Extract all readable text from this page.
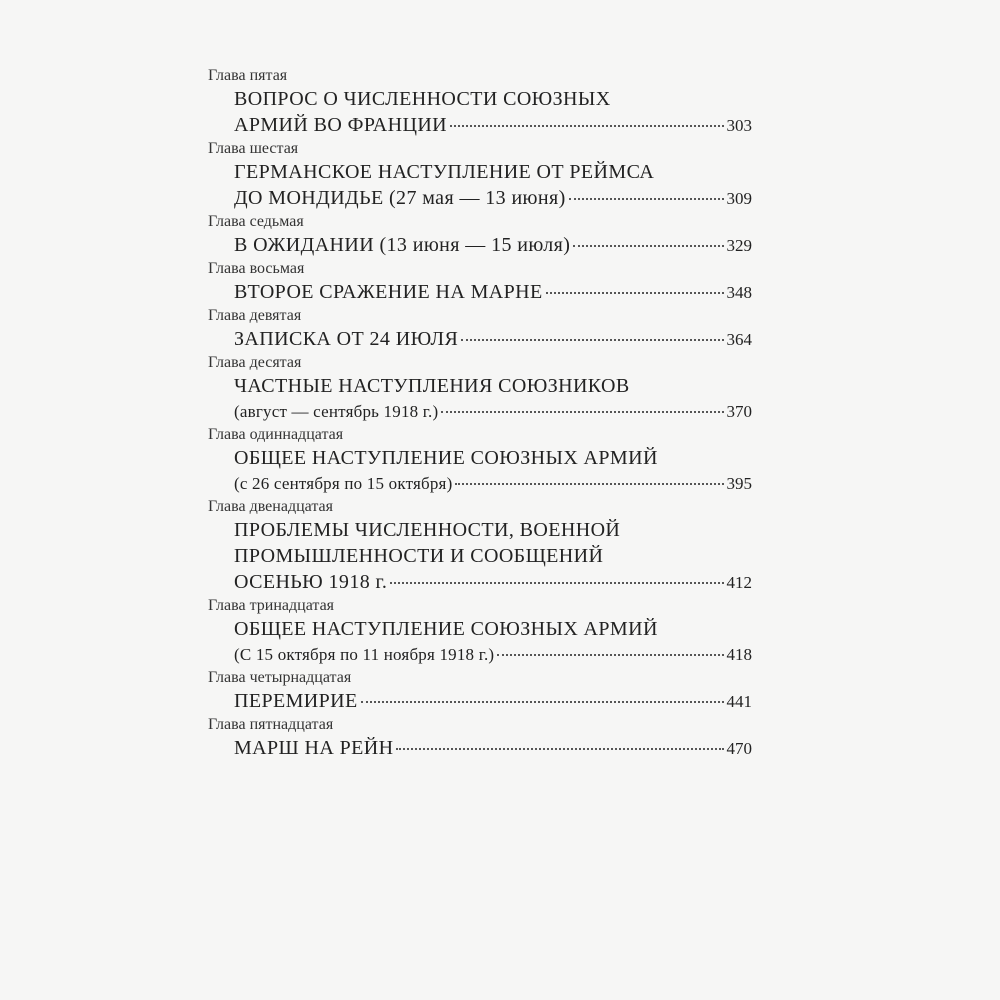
Глава пятая
ВОПРОС О ЧИСЛЕННОСТИ СОЮЗНЫХ
АРМИЙ ВО ФРАНЦИИ	303
Глава шестая
ГЕРМАНСКОЕ НАСТУПЛЕНИЕ ОТ РЕЙМСА
ДО МОНДИДЬЕ (27 мая — 13 июня)	309
Глава седьмая
В ОЖИДАНИИ (13 июня — 15 июля)	329
Глава восьмая
ВТОРОЕ СРАЖЕНИЕ НА МАРНЕ	348
Глава девятая
ЗАПИСКА ОТ 24 ИЮЛЯ	364
Глава десятая
ЧАСТНЫЕ НАСТУПЛЕНИЯ СОЮЗНИКОВ
(август — сентябрь 1918 г.)	370
Глава одиннадцатая
ОБЩЕЕ НАСТУПЛЕНИЕ СОЮЗНЫХ АРМИЙ
(с 26 сентября по 15 октября)	395
Глава двенадцатая
ПРОБЛЕМЫ ЧИСЛЕННОСТИ, ВОЕННОЙ
ПРОМЫШЛЕННОСТИ И СООБЩЕНИЙ
ОСЕНЬЮ 1918 г.	412
Глава тринадцатая
ОБЩЕЕ НАСТУПЛЕНИЕ СОЮЗНЫХ АРМИЙ
(С 15 октября по 11 ноября 1918 г.)	418
Глава четырнадцатая
ПЕРЕМИРИЕ	441
Глава пятнадцатая
МАРШ НА РЕЙН	470
